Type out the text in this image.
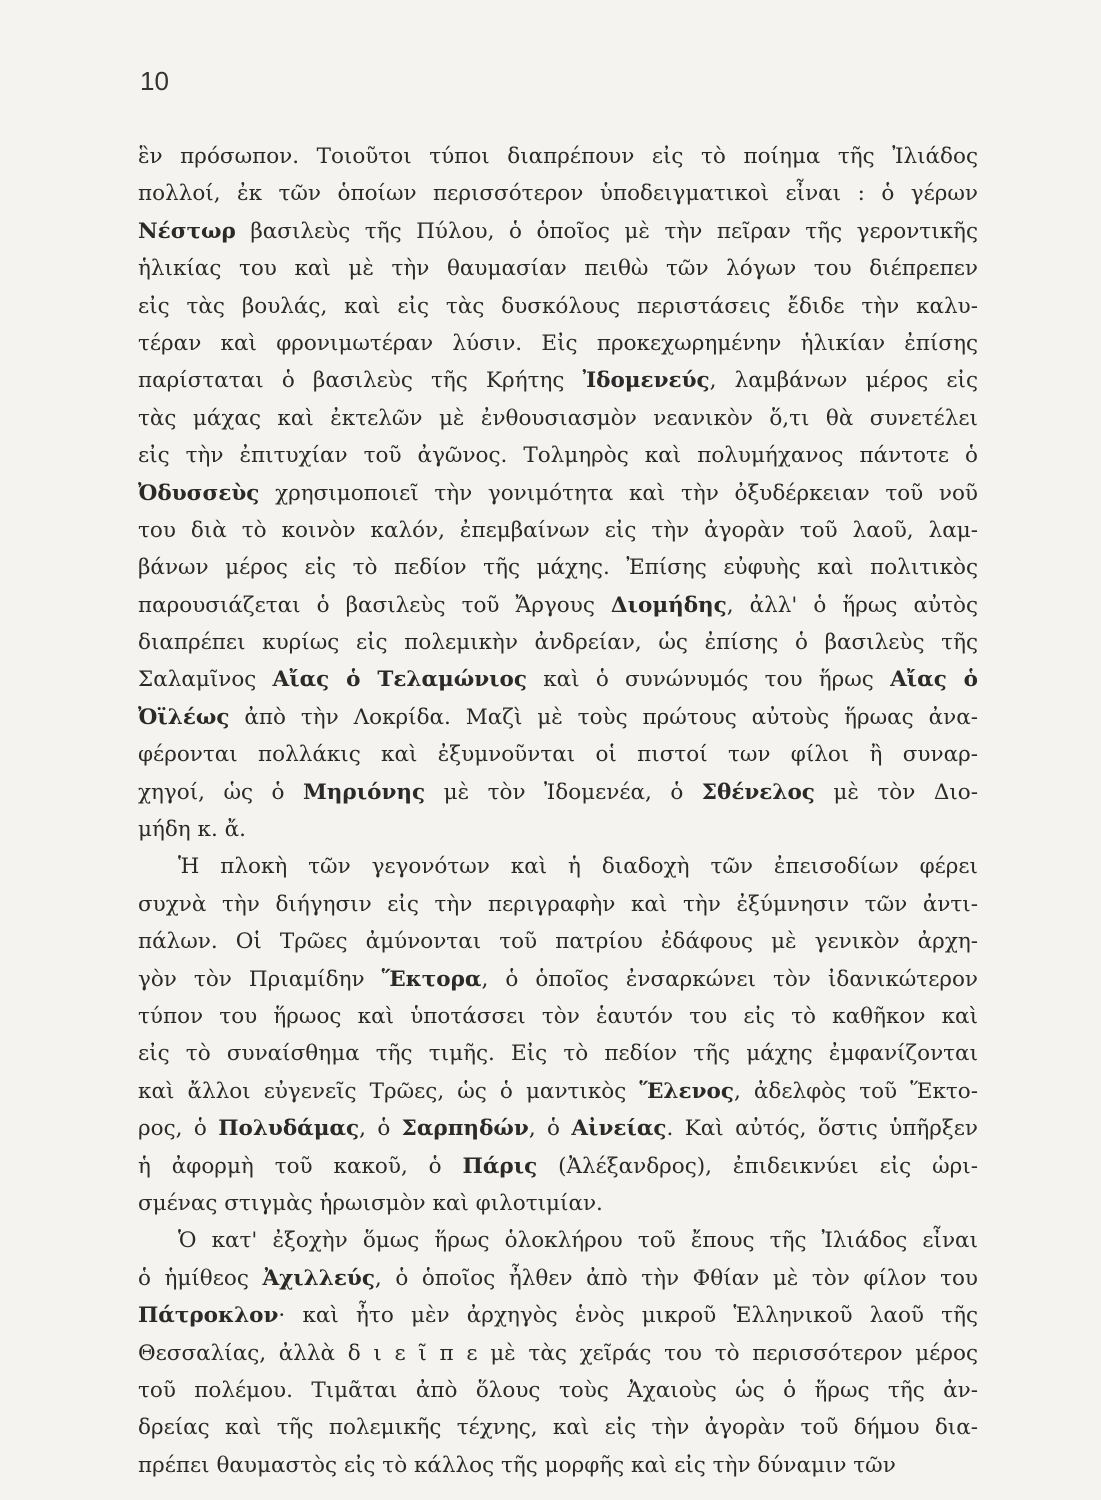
10
ἓν πρόσωπον. Τοιοῦτοι τύποι διαπρέπουν εἰς τὸ ποίημα τῆς Ἰλιάδος
πολλοί, ἐκ τῶν ὁποίων περισσότερον ὑποδειγματικοὶ εἶναι : ὁ γέρων
Νέστωρ βασιλεὺς τῆς Πύλου, ὁ ὁποῖος μὲ τὴν πεῖραν τῆς γεροντικῆς
ἡλικίας του καὶ μὲ τὴν θαυμασίαν πειθὼ τῶν λόγων του διέπρεπεν
εἰς τὰς βουλάς, καὶ εἰς τὰς δυσκόλους περιστάσεις ἔδιδε τὴν καλυ-
τέραν καὶ φρονιμωτέραν λύσιν. Εἰς προκεχωρημένην ἡλικίαν ἐπίσης
παρίσταται ὁ βασιλεὺς τῆς Κρήτης Ἰδομενεύς, λαμβάνων μέρος εἰς
τὰς μάχας καὶ ἐκτελῶν μὲ ἐνθουσιασμὸν νεανικὸν ὅ,τι θὰ συνετέλει
εἰς τὴν ἐπιτυχίαν τοῦ ἀγῶνος. Τολμηρὸς καὶ πολυμήχανος πάντοτε ὁ
Ὀδυσσεὺς χρησιμοποιεῖ τὴν γονιμότητα καὶ τὴν ὀξυδέρκειαν τοῦ νοῦ
του διὰ τὸ κοινὸν καλόν, ἐπεμβαίνων εἰς τὴν ἀγορὰν τοῦ λαοῦ, λαμ-
βάνων μέρος εἰς τὸ πεδίον τῆς μάχης. Ἐπίσης εὐφυὴς καὶ πολιτικὸς
παρουσιάζεται ὁ βασιλεὺς τοῦ Ἄργους Διομήδης, ἀλλ' ὁ ἥρως αὐτὸς
διαπρέπει κυρίως εἰς πολεμικὴν ἀνδρείαν, ὡς ἐπίσης ὁ βασιλεὺς τῆς
Σαλαμῖνος Αἴας ὁ Τελαμώνιος καὶ ὁ συνώνυμός του ἥρως Αἴας ὁ
Ὀϊλέως ἀπὸ τὴν Λοκρίδα. Μαζὶ μὲ τοὺς πρώτους αὐτοὺς ἥρωας ἀνα-
φέρονται πολλάκις καὶ ἐξυμνοῦνται οἱ πιστοί των φίλοι ἢ συναρ-
χηγοί, ὡς ὁ Μηριόνης μὲ τὸν Ἰδομενέα, ὁ Σθένελος μὲ τὸν Διο-
μήδη κ. ἄ.
Ἡ πλοκὴ τῶν γεγονότων καὶ ἡ διαδοχὴ τῶν ἐπεισοδίων φέρει
συχνὰ τὴν διήγησιν εἰς τὴν περιγραφὴν καὶ τὴν ἐξύμνησιν τῶν ἀντι-
πάλων. Οἱ Τρῶες ἀμύνονται τοῦ πατρίου ἐδάφους μὲ γενικὸν ἀρχη-
γὸν τὸν Πριαμίδην Ἕκτορα, ὁ ὁποῖος ἐνσαρκώνει τὸν ἰδανικώτερον
τύπον του ἥρωος καὶ ὑποτάσσει τὸν ἑαυτόν του εἰς τὸ καθῆκον καὶ
εἰς τὸ συναίσθημα τῆς τιμῆς. Εἰς τὸ πεδίον τῆς μάχης ἐμφανίζονται
καὶ ἄλλοι εὐγενεῖς Τρῶες, ὡς ὁ μαντικὸς Ἕλενος, ἀδελφὸς τοῦ Ἕκτο-
ρος, ὁ Πολυδάμας, ὁ Σαρπηδών, ὁ Αἰνείας. Καὶ αὐτός, ὅστις ὑπῆρξεν
ἡ ἀφορμὴ τοῦ κακοῦ, ὁ Πάρις (Ἀλέξανδρος), ἐπιδεικνύει εἰς ὡρι-
σμένας στιγμὰς ἡρωισμὸν καὶ φιλοτιμίαν.
Ὁ κατ' ἐξοχὴν ὅμως ἥρως ὁλοκλήρου τοῦ ἔπους τῆς Ἰλιάδος εἶναι
ὁ ἡμίθεος Ἀχιλλεύς, ὁ ὁποῖος ἦλθεν ἀπὸ τὴν Φθίαν μὲ τὸν φίλον του
Πάτροκλον· καὶ ἦτο μὲν ἀρχηγὸς ἑνὸς μικροῦ Ἑλληνικοῦ λαοῦ τῆς
Θεσσαλίας, ἀλλὰ δ ι ε ῖ π ε μὲ τὰς χεῖράς του τὸ περισσότερον μέρος
τοῦ πολέμου. Τιμᾶται ἀπὸ ὅλους τοὺς Ἀχαιοὺς ὡς ὁ ἥρως τῆς ἀν-
δρείας καὶ τῆς πολεμικῆς τέχνης, καὶ εἰς τὴν ἀγορὰν τοῦ δήμου δια-
πρέπει θαυμαστὸς εἰς τὸ κάλλος τῆς μορφῆς καὶ εἰς τὴν δύναμιν τῶν
